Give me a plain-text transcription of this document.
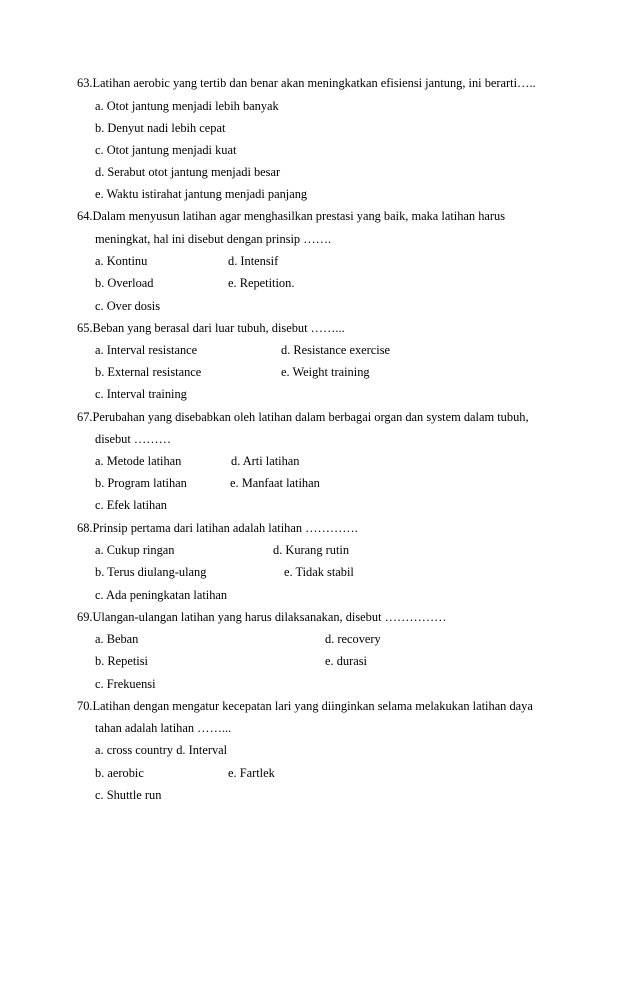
63.Latihan aerobic yang tertib dan benar akan meningkatkan efisiensi jantung, ini berarti…..
a. Otot jantung menjadi lebih banyak
b. Denyut nadi lebih cepat
c. Otot jantung menjadi kuat
d. Serabut otot jantung menjadi besar
e. Waktu istirahat jantung menjadi panjang
64.Dalam menyusun latihan agar menghasilkan prestasi yang baik, maka latihan harus
meningkat, hal ini disebut dengan prinsip …….
a. Kontinu	d. Intensif
b. Overload	e. Repetition.
c. Over dosis
65.Beban yang berasal dari luar tubuh, disebut ……...
a. Interval resistance	d. Resistance exercise
b. External resistance	e. Weight training
c. Interval training
67.Perubahan yang disebabkan oleh latihan dalam berbagai organ dan system dalam tubuh,
disebut ………
a. Metode latihan	d. Arti latihan
b. Program latihan	e. Manfaat latihan
c. Efek latihan
68.Prinsip pertama dari latihan adalah latihan ………….
a. Cukup ringan	d. Kurang rutin
b. Terus diulang-ulang	e. Tidak stabil
c. Ada peningkatan latihan
69.Ulangan-ulangan latihan yang harus dilaksanakan, disebut ……………
a. Beban	d. recovery
b. Repetisi	e. durasi
c. Frekuensi
70.Latihan dengan mengatur kecepatan lari yang diinginkan selama melakukan latihan daya
tahan adalah latihan ……...
a. cross country d. Interval
b. aerobic	e. Fartlek
c. Shuttle run
